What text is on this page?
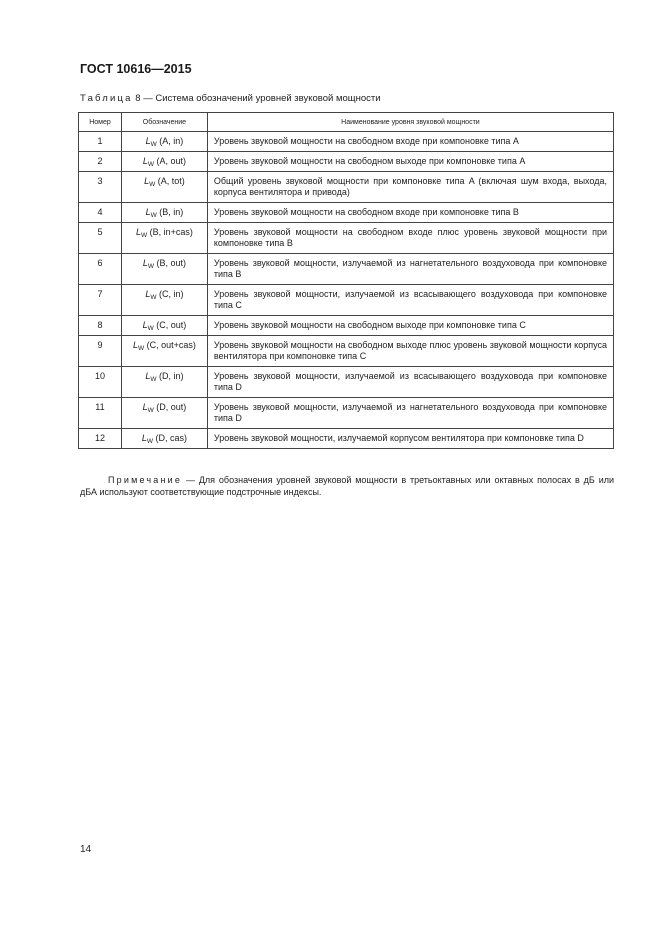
ГОСТ 10616—2015
Таблица 8 — Система обозначений уровней звуковой мощности
Номер	Обозначение	Наименование уровня звуковой мощности
1	$L_W$ (A, in)	Уровень звуковой мощности на свободном входе при компоновке типа A
2	$L_W$ (A, out)	Уровень звуковой мощности на свободном выходе при компоновке типа A
3	$L_W$ (A, tot)	Общий уровень звуковой мощности при компоновке типа A (включая шум входа, выхода, корпуса вентилятора и привода)
4	$L_W$ (B, in)	Уровень звуковой мощности на свободном входе при компоновке типа B
5	$L_W$ (B, in+cas)	Уровень звуковой мощности на свободном входе плюс уровень звуковой мощности при компоновке типа B
6	$L_W$ (B, out)	Уровень звуковой мощности, излучаемой из нагнетательного воздуховода при компоновке типа B
7	$L_W$ (C, in)	Уровень звуковой мощности, излучаемой из всасывающего воздуховода при компоновке типа C
8	$L_W$ (C, out)	Уровень звуковой мощности на свободном выходе при компоновке типа C
9	$L_W$ (C, out+cas)	Уровень звуковой мощности на свободном выходе плюс уровень звуковой мощности корпуса вентилятора при компоновке типа C
10	$L_W$ (D, in)	Уровень звуковой мощности, излучаемой из всасывающего воздуховода при компоновке типа D
11	$L_W$ (D, out)	Уровень звуковой мощности, излучаемой из нагнетательного воздуховода при компоновке типа D
12	$L_W$ (D, cas)	Уровень звуковой мощности, излучаемой корпусом вентилятора при компоновке типа D
Примечание — Для обозначения уровней звуковой мощности в третьоктавных или октавных полосах в дБ или дБА используют соответствующие подстрочные индексы.
14
